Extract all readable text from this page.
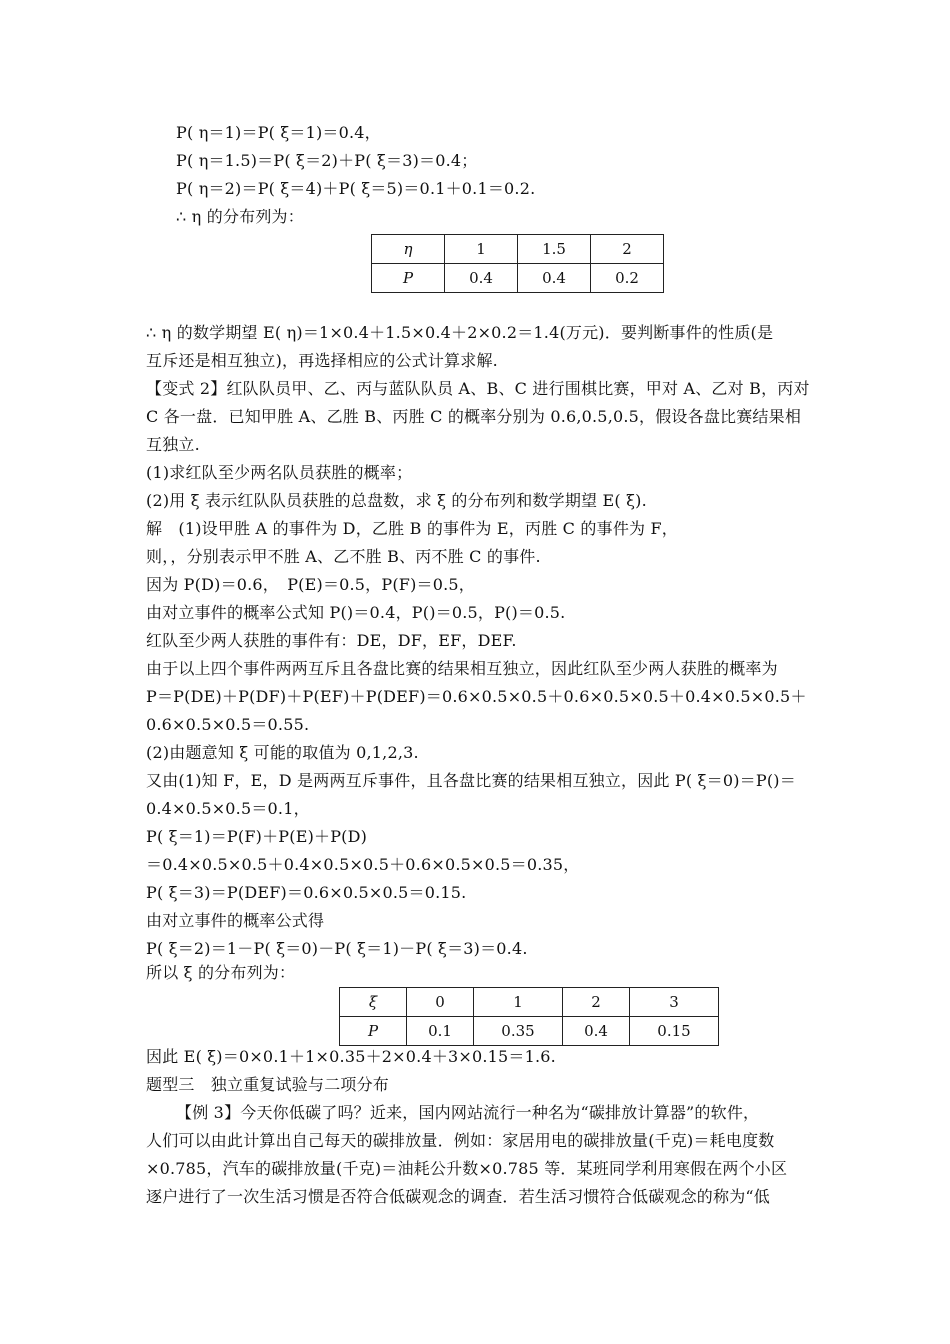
P( η＝1)＝P( ξ＝1)＝0.4，
P( η＝1.5)＝P( ξ＝2)＋P( ξ＝3)＝0.4；
P( η＝2)＝P( ξ＝4)＋P( ξ＝5)＝0.1＋0.1＝0.2.
∴ η 的分布列为：
η	1	1.5	2
P	0.4	0.4	0.2
∴ η 的数学期望 E( η)＝1×0.4＋1.5×0.4＋2×0.2＝1.4(万元)．要判断事件的性质(是
互斥还是相互独立)，再选择相应的公式计算求解.
【变式 2】红队队员甲、乙、丙与蓝队队员 A、B、C 进行围棋比赛，甲对 A、乙对 B，丙对
C 各一盘．已知甲胜 A、乙胜 B、丙胜 C 的概率分别为 0.6,0.5,0.5，假设各盘比赛结果相
互独立.
(1)求红队至少两名队员获胜的概率；
(2)用 ξ 表示红队队员获胜的总盘数，求 ξ 的分布列和数学期望 E( ξ).
解　(1)设甲胜 A 的事件为 D，乙胜 B 的事件为 E，丙胜 C 的事件为 F，
则，，分别表示甲不胜 A、乙不胜 B、丙不胜 C 的事件.
因为 P(D)＝0.6，　P(E)＝0.5，P(F)＝0.5，
由对立事件的概率公式知 P()＝0.4，P()＝0.5，P()＝0.5.
红队至少两人获胜的事件有：DE，DF，EF，DEF.
由于以上四个事件两两互斥且各盘比赛的结果相互独立，因此红队至少两人获胜的概率为
P＝P(DE)＋P(DF)＋P(EF)＋P(DEF)＝0.6×0.5×0.5＋0.6×0.5×0.5＋0.4×0.5×0.5＋
0.6×0.5×0.5＝0.55.
(2)由题意知 ξ 可能的取值为 0,1,2,3.
又由(1)知 F，E，D 是两两互斥事件，且各盘比赛的结果相互独立，因此 P( ξ＝0)＝P()＝
0.4×0.5×0.5＝0.1，
P( ξ＝1)＝P(F)＋P(E)＋P(D)
＝0.4×0.5×0.5＋0.4×0.5×0.5＋0.6×0.5×0.5＝0.35，
P( ξ＝3)＝P(DEF)＝0.6×0.5×0.5＝0.15.
由对立事件的概率公式得
P( ξ＝2)＝1－P( ξ＝0)－P( ξ＝1)－P( ξ＝3)＝0.4.
所以 ξ 的分布列为：
ξ	0	1	2	3
P	0.1	0.35	0.4	0.15
因此 E( ξ)＝0×0.1＋1×0.35＋2×0.4＋3×0.15＝1.6.
题型三　独立重复试验与二项分布
【例 3】今天你低碳了吗？近来，国内网站流行一种名为“碳排放计算器”的软件，
人们可以由此计算出自己每天的碳排放量．例如：家居用电的碳排放量(千克)＝耗电度数
×0.785，汽车的碳排放量(千克)＝油耗公升数×0.785 等．某班同学利用寒假在两个小区
逐户进行了一次生活习惯是否符合低碳观念的调查．若生活习惯符合低碳观念的称为“低
